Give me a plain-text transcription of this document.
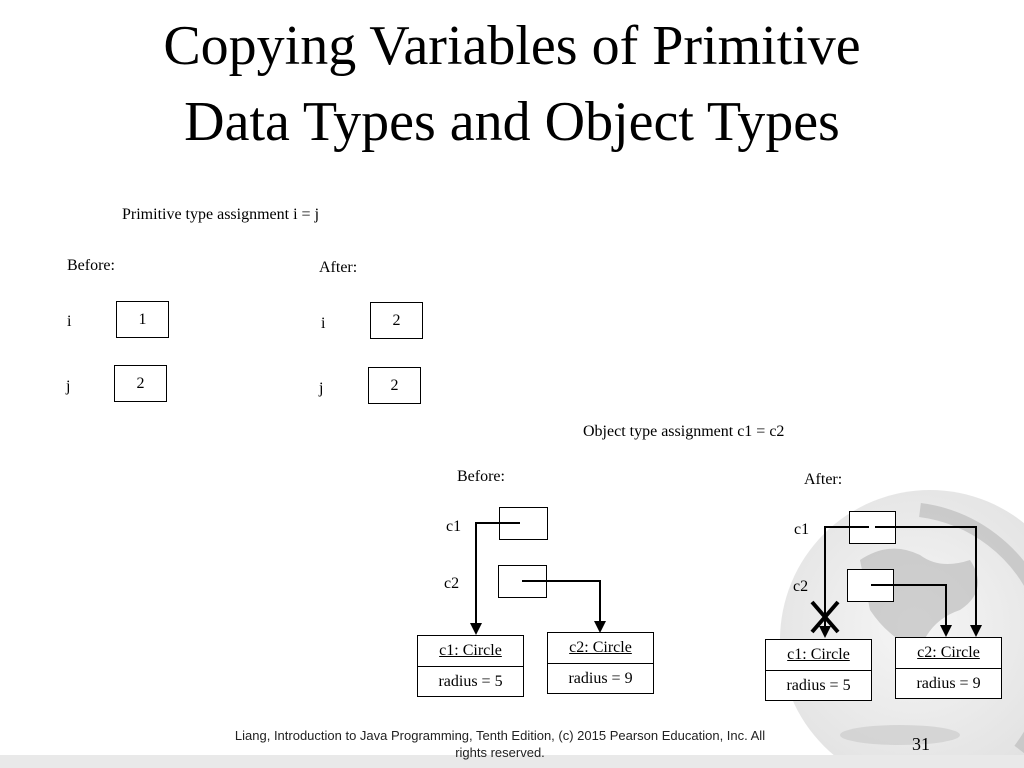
Copying Variables of Primitive
Data Types and Object Types
Primitive type assignment i = j
Before:	After:
i	1
j	2
i	2
j	2
Object type assignment c1 = c2
Before:	After:
c1
c2
c1
c2
c1: Circle
radius = 5
c2: Circle
radius = 9
c1: Circle
radius = 5
c2: Circle
radius = 9
Liang, Introduction to Java Programming, Tenth Edition, (c) 2015 Pearson Education, Inc. All
rights reserved.	31
